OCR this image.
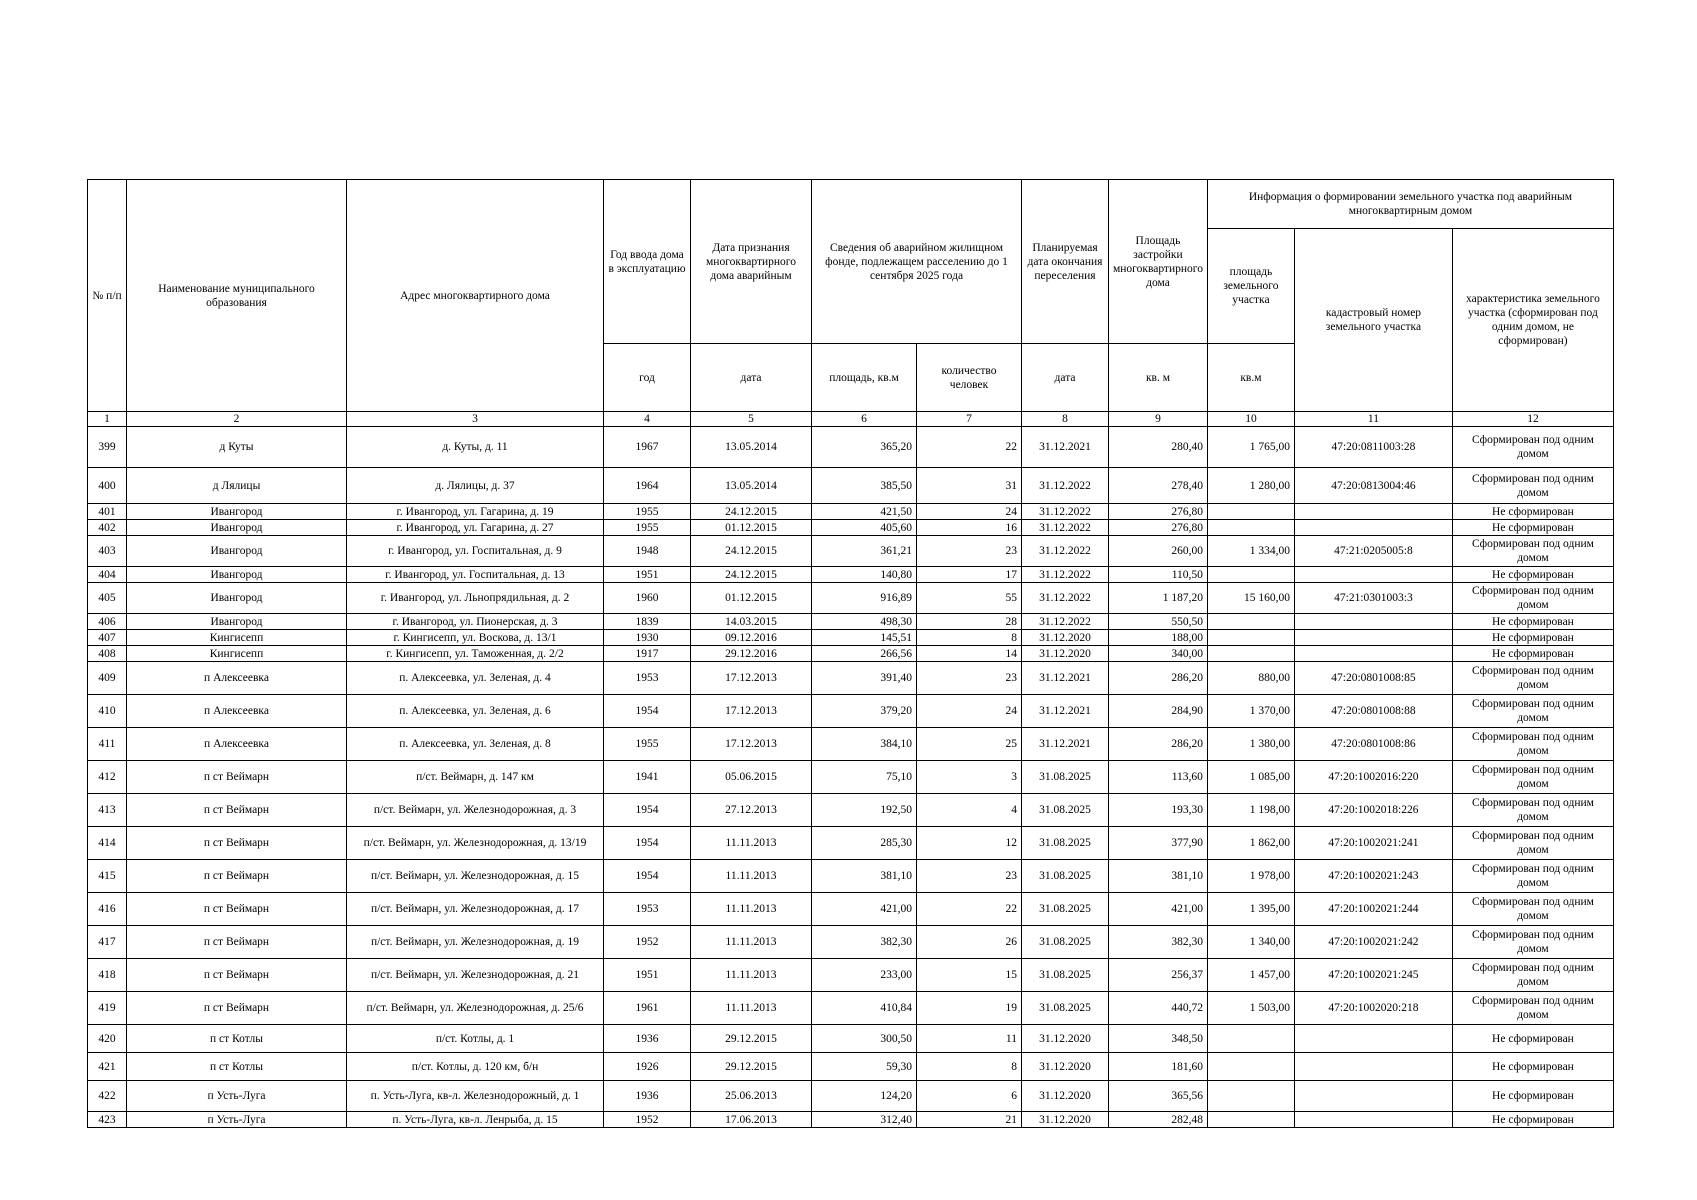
№ п/п	Наименование муниципального образования	Адрес многоквартирного дома	Год ввода дома в эксплуатацию	Дата признания многоквартирного дома аварийным	Сведения об аварийном жилищном фонде, подлежащем расселению до 1 сентября 2025 года		Планируемая дата окончания переселения	Площадь застройки многоквартирного дома	Информация о формировании земельного участка под аварийным многоквартирным домом		
									площадь земельного участка	кадастровый номер земельного участка	характеристика земельного участка (сформирован под одним домом, не сформирован)
			год	дата	площадь, кв.м	количество человек	дата	кв. м	кв.м		
1	2	3	4	5	6	7	8	9	10	11	12
399	д Куты	д. Куты, д. 11	1967	13.05.2014	365,20	22	31.12.2021	280,40	1 765,00	47:20:0811003:28	Сформирован под одним домом
400	д Лялицы	д. Лялицы, д. 37	1964	13.05.2014	385,50	31	31.12.2022	278,40	1 280,00	47:20:0813004:46	Сформирован под одним домом
401	Ивангород	г. Ивангород, ул. Гагарина, д. 19	1955	24.12.2015	421,50	24	31.12.2022	276,80			Не сформирован
402	Ивангород	г. Ивангород, ул. Гагарина, д. 27	1955	01.12.2015	405,60	16	31.12.2022	276,80			Не сформирован
403	Ивангород	г. Ивангород, ул. Госпитальная, д. 9	1948	24.12.2015	361,21	23	31.12.2022	260,00	1 334,00	47:21:0205005:8	Сформирован под одним домом
404	Ивангород	г. Ивангород, ул. Госпитальная, д. 13	1951	24.12.2015	140,80	17	31.12.2022	110,50			Не сформирован
405	Ивангород	г. Ивангород, ул. Льнопрядильная, д. 2	1960	01.12.2015	916,89	55	31.12.2022	1 187,20	15 160,00	47:21:0301003:3	Сформирован под одним домом
406	Ивангород	г. Ивангород, ул. Пионерская, д. 3	1839	14.03.2015	498,30	28	31.12.2022	550,50			Не сформирован
407	Кингисепп	г. Кингисепп, ул. Воскова, д. 13/1	1930	09.12.2016	145,51	8	31.12.2020	188,00			Не сформирован
408	Кингисепп	г. Кингисепп, ул. Таможенная, д. 2/2	1917	29.12.2016	266,56	14	31.12.2020	340,00			Не сформирован
409	п Алексеевка	п. Алексеевка, ул. Зеленая, д. 4	1953	17.12.2013	391,40	23	31.12.2021	286,20	880,00	47:20:0801008:85	Сформирован под одним домом
410	п Алексеевка	п. Алексеевка, ул. Зеленая, д. 6	1954	17.12.2013	379,20	24	31.12.2021	284,90	1 370,00	47:20:0801008:88	Сформирован под одним домом
411	п Алексеевка	п. Алексеевка, ул. Зеленая, д. 8	1955	17.12.2013	384,10	25	31.12.2021	286,20	1 380,00	47:20:0801008:86	Сформирован под одним домом
412	п ст Веймарн	п/ст. Веймарн, д. 147 км	1941	05.06.2015	75,10	3	31.08.2025	113,60	1 085,00	47:20:1002016:220	Сформирован под одним домом
413	п ст Веймарн	п/ст. Веймарн, ул. Железнодорожная, д. 3	1954	27.12.2013	192,50	4	31.08.2025	193,30	1 198,00	47:20:1002018:226	Сформирован под одним домом
414	п ст Веймарн	п/ст. Веймарн, ул. Железнодорожная, д. 13/19	1954	11.11.2013	285,30	12	31.08.2025	377,90	1 862,00	47:20:1002021:241	Сформирован под одним домом
415	п ст Веймарн	п/ст. Веймарн, ул. Железнодорожная, д. 15	1954	11.11.2013	381,10	23	31.08.2025	381,10	1 978,00	47:20:1002021:243	Сформирован под одним домом
416	п ст Веймарн	п/ст. Веймарн, ул. Железнодорожная, д. 17	1953	11.11.2013	421,00	22	31.08.2025	421,00	1 395,00	47:20:1002021:244	Сформирован под одним домом
417	п ст Веймарн	п/ст. Веймарн, ул. Железнодорожная, д. 19	1952	11.11.2013	382,30	26	31.08.2025	382,30	1 340,00	47:20:1002021:242	Сформирован под одним домом
418	п ст Веймарн	п/ст. Веймарн, ул. Железнодорожная, д. 21	1951	11.11.2013	233,00	15	31.08.2025	256,37	1 457,00	47:20:1002021:245	Сформирован под одним домом
419	п ст Веймарн	п/ст. Веймарн, ул. Железнодорожная, д. 25/6	1961	11.11.2013	410,84	19	31.08.2025	440,72	1 503,00	47:20:1002020:218	Сформирован под одним домом
420	п ст Котлы	п/ст. Котлы, д. 1	1936	29.12.2015	300,50	11	31.12.2020	348,50			Не сформирован
421	п ст Котлы	п/ст. Котлы, д. 120 км, б/н	1926	29.12.2015	59,30	8	31.12.2020	181,60			Не сформирован
422	п Усть-Луга	п. Усть-Луга, кв-л. Железнодорожный, д. 1	1936	25.06.2013	124,20	6	31.12.2020	365,56			Не сформирован
423	п Усть-Луга	п. Усть-Луга, кв-л. Ленрыба, д. 15	1952	17.06.2013	312,40	21	31.12.2020	282,48			Не сформирован
